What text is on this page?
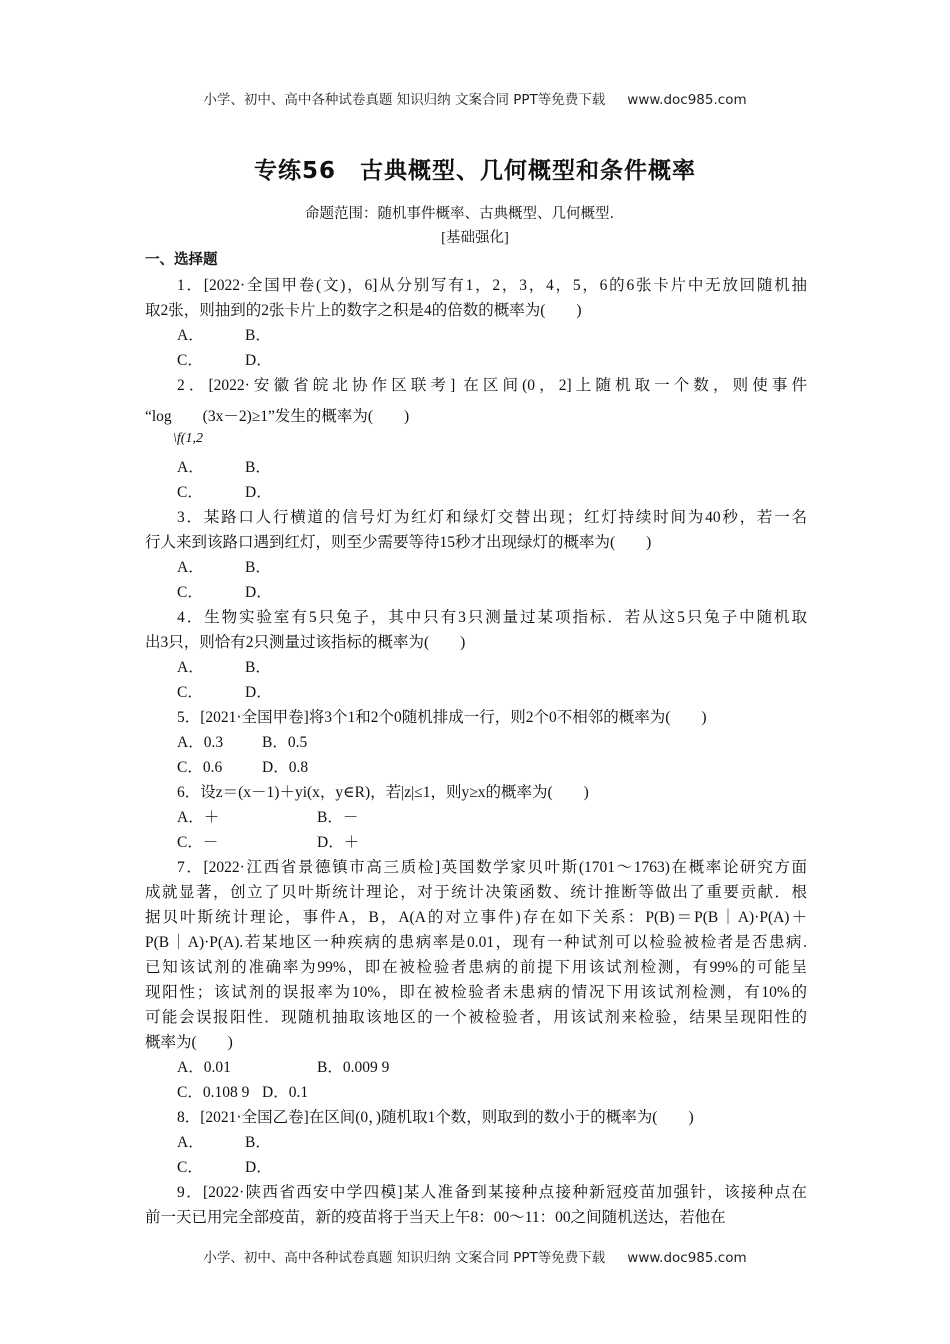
小学、初中、高中各种试卷真题 知识归纳 文案合同 PPT等免费下载 www.doc985.com
专练56　古典概型、几何概型和条件概率
命题范围：随机事件概率、古典概型、几何概型.
[基础强化]
一、选择题
1．[2022·全国甲卷(文)，6]从分别写有1，2，3，4，5，6的6张卡片中无放回随机抽
取2张，则抽到的2张卡片上的数字之积是4的倍数的概率为(　　)
A．	B．
C．	D．
2．[2022·安徽省皖北协作区联考] 在区间(0，2]上随机取一个数，则使事件
“log　　(3x－2)≥1”发生的概率为(　　)
\f(1,2
A．	B．
C．	D．
3．某路口人行横道的信号灯为红灯和绿灯交替出现；红灯持续时间为40秒，若一名
行人来到该路口遇到红灯，则至少需要等待15秒才出现绿灯的概率为(　　)
A．	B．
C．	D．
4．生物实验室有5只兔子，其中只有3只测量过某项指标．若从这5只兔子中随机取
出3只，则恰有2只测量过该指标的概率为(　　)
A．	B．
C．	D．
5．[2021·全国甲卷]将3个1和2个0随机排成一行，则2个0不相邻的概率为(　　)
A．0.3	B．0.5
C．0.6	D．0.8
6．设z＝(x－1)＋yi(x，y∈R)，若|z|≤1，则y≥x的概率为(　　)
A．＋	B．－
C．－	D．＋
7．[2022·江西省景德镇市高三质检]英国数学家贝叶斯(1701～1763)在概率论研究方面
成就显著，创立了贝叶斯统计理论，对于统计决策函数、统计推断等做出了重要贡献．根
据贝叶斯统计理论，事件A，B，A(A的对立事件)存在如下关系：P(B)＝P(B｜A)·P(A)＋
P(B｜A)·P(A).若某地区一种疾病的患病率是0.01，现有一种试剂可以检验被检者是否患病.
已知该试剂的准确率为99%，即在被检验者患病的前提下用该试剂检测，有99%的可能呈
现阳性；该试剂的误报率为10%，即在被检验者未患病的情况下用该试剂检测，有10%的
可能会误报阳性．现随机抽取该地区的一个被检验者，用该试剂来检验，结果呈现阳性的
概率为(　　)
A．0.01	B．0.009 9
C．0.108 9 D．0.1
8．[2021·全国乙卷]在区间(0，)随机取1个数，则取到的数小于的概率为(　　)
A．	B．
C．	D．
9．[2022·陕西省西安中学四模]某人准备到某接种点接种新冠疫苗加强针，该接种点在
前一天已用完全部疫苗，新的疫苗将于当天上午8：00～11：00之间随机送达，若他在
小学、初中、高中各种试卷真题 知识归纳 文案合同 PPT等免费下载 www.doc985.com
